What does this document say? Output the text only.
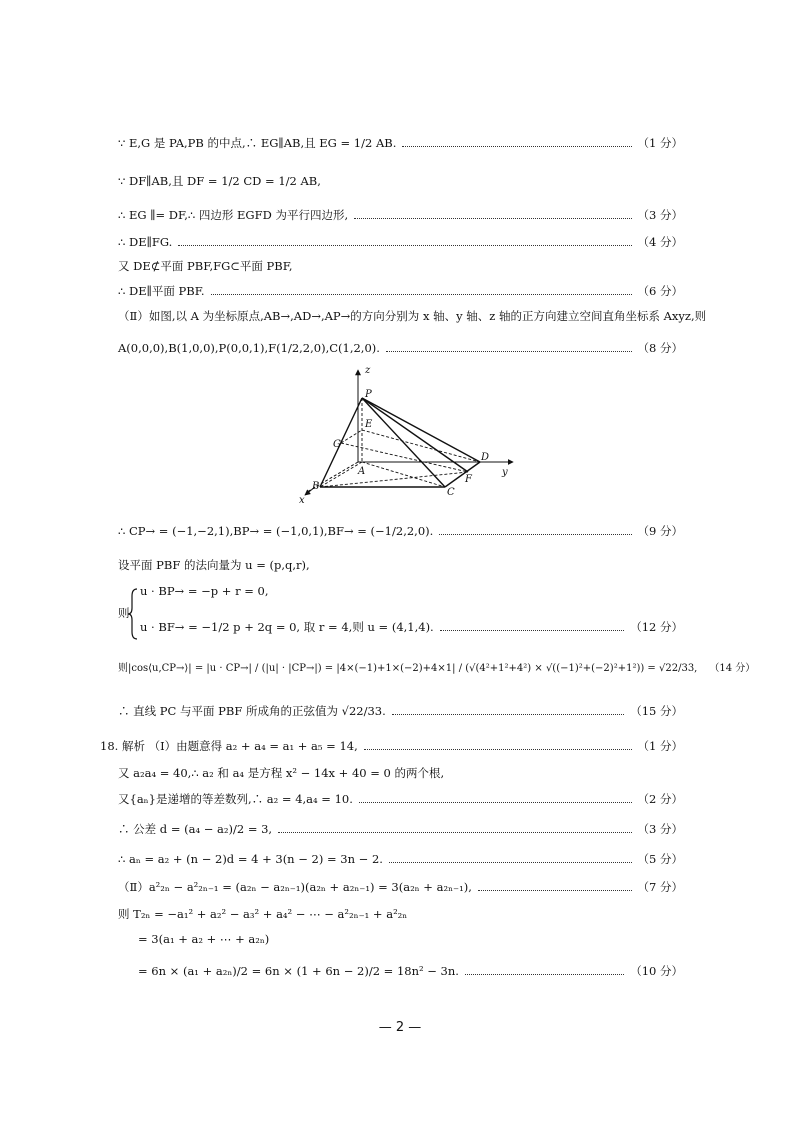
∵ E,G 是 PA,PB 的中点,∴ EG∥AB,且 EG = 1/2 AB.	（1 分）
∵ DF∥AB,且 DF = 1/2 CD = 1/2 AB,
∴ EG ∥= DF,∴ 四边形 EGFD 为平行四边形,	（3 分）
∴ DE∥FG.	（4 分）
又 DE⊄平面 PBF,FG⊂平面 PBF,
∴ DE∥平面 PBF.	（6 分）
（Ⅱ）如图,以 A 为坐标原点,AB→,AD→,AP→的方向分别为 x 轴、y 轴、z 轴的正方向建立空间直角坐标系 Axyz,则
A(0,0,0),B(1,0,0),P(0,0,1),F(1/2,2,0),C(1,2,0).	（8 分）
z
P
E
G
A
D
y
F
B
C
x
∴ CP→ = (−1,−2,1),BP→ = (−1,0,1),BF→ = (−1/2,2,0).	（9 分）
设平面 PBF 的法向量为 u = (p,q,r),
u · BP→ = −p + r = 0,
则
u · BF→ = −1/2 p + 2q = 0, 取 r = 4,则 u = (4,1,4).	（12 分）
则|cos⟨u,CP→⟩| = |u · CP→| / (|u| · |CP→|) = |4×(−1)+1×(−2)+4×1| / (√(4²+1²+4²) × √((−1)²+(−2)²+1²)) = √22/33, （14 分）
∴ 直线 PC 与平面 PBF 所成角的正弦值为 √22/33.	（15 分）
18. 解析 （Ⅰ）由题意得 a₂ + a₄ = a₁ + a₅ = 14,	（1 分）
又 a₂a₄ = 40,∴ a₂ 和 a₄ 是方程 x² − 14x + 40 = 0 的两个根,
又{aₙ}是递增的等差数列,∴ a₂ = 4,a₄ = 10.	（2 分）
∴ 公差 d = (a₄ − a₂)/2 = 3,	（3 分）
∴ aₙ = a₂ + (n − 2)d = 4 + 3(n − 2) = 3n − 2.	（5 分）
（Ⅱ）a²₂ₙ − a²₂ₙ₋₁ = (a₂ₙ − a₂ₙ₋₁)(a₂ₙ + a₂ₙ₋₁) = 3(a₂ₙ + a₂ₙ₋₁),	（7 分）
则 T₂ₙ = −a₁² + a₂² − a₃² + a₄² − ⋯ − a²₂ₙ₋₁ + a²₂ₙ
= 3(a₁ + a₂ + ⋯ + a₂ₙ)
= 6n × (a₁ + a₂ₙ)/2 = 6n × (1 + 6n − 2)/2 = 18n² − 3n.	（10 分）
— 2 —
